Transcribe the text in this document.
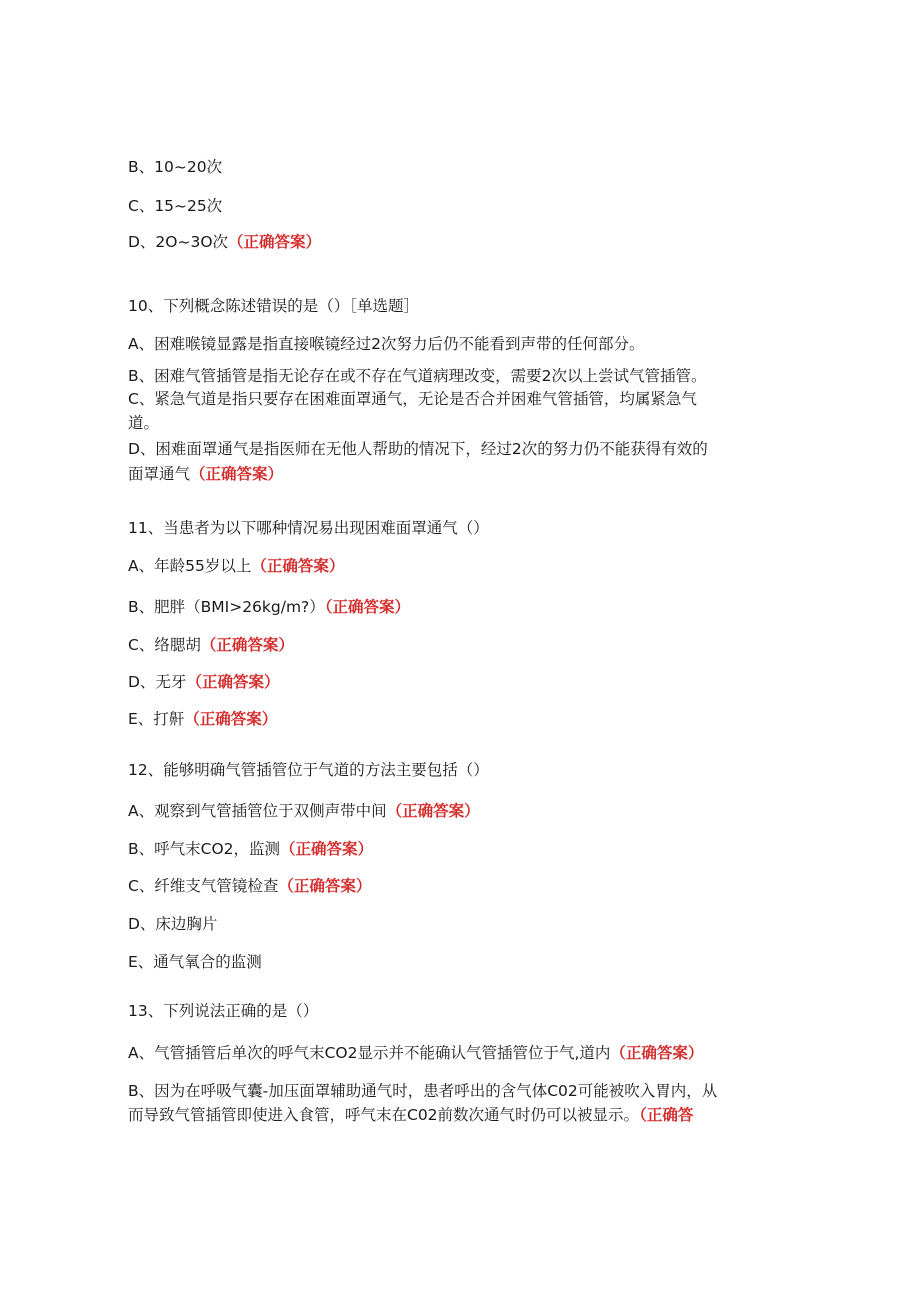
B、10~20次
C、15~25次
D、2O~3O次（正确答案）
10、下列概念陈述错误的是（）［单选题］
A、困难喉镜显露是指直接喉镜经过2次努力后仍不能看到声带的任何部分。
B、困难气管插管是指无论存在或不存在气道病理改变，需要2次以上尝试气管插管。
C、紧急气道是指只要存在困难面罩通气，无论是否合并困难气管插管，均属紧急气
道。
D、困难面罩通气是指医师在无他人帮助的情况下，经过2次的努力仍不能获得有效的
面罩通气（正确答案）
11、当患者为以下哪种情况易出现困难面罩通气（）
A、年龄55岁以上（正确答案）
B、肥胖（BMI>26kg∕m?）（正确答案）
C、络腮胡（正确答案）
D、无牙（正确答案）
E、打鼾（正确答案）
12、能够明确气管插管位于气道的方法主要包括（）
A、观察到气管插管位于双侧声带中间（正确答案）
B、呼气末CO2，监测（正确答案）
C、纤维支气管镜检查（正确答案）
D、床边胸片
E、通气氧合的监测
13、下列说法正确的是（）
A、气管插管后单次的呼气末CO2显示并不能确认气管插管位于气,道内（正确答案）
B、因为在呼吸气囊-加压面罩辅助通气时，患者呼出的含气体C02可能被吹入胃内，从
而导致气管插管即使进入食管，呼气末在C02前数次通气时仍可以被显示。（正确答
